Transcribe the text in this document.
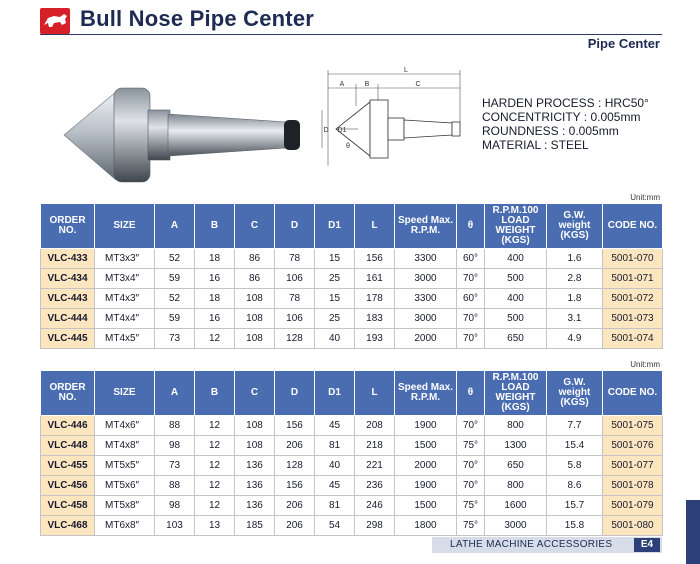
Bull Nose Pipe Center
Pipe Center
L
A	B	C
D D1
θ
HARDEN PROCESS : HRC50°
CONCENTRICITY : 0.005mm
ROUNDNESS : 0.005mm
MATERIAL : STEEL
Unit:mm
Unit:mm
ORDER NO.	SIZE	A	B	C	D	D1	L	Speed Max. R.P.M.	θ	R.P.M.100 LOAD WEIGHT (KGS)	G.W. weight (KGS)	CODE NO.
VLC-433	MT3x3″	52	18	86	78	15	156	3300	60°	400	1.6	5001-070
VLC-434	MT3x4″	59	16	86	106	25	161	3000	70°	500	2.8	5001-071
VLC-443	MT4x3″	52	18	108	78	15	178	3300	60°	400	1.8	5001-072
VLC-444	MT4x4″	59	16	108	106	25	183	3000	70°	500	3.1	5001-073
VLC-445	MT4x5″	73	12	108	128	40	193	2000	70°	650	4.9	5001-074
ORDER NO.	SIZE	A	B	C	D	D1	L	Speed Max. R.P.M.	θ	R.P.M.100 LOAD WEIGHT (KGS)	G.W. weight (KGS)	CODE NO.
VLC-446	MT4x6″	88	12	108	156	45	208	1900	70°	800	7.7	5001-075
VLC-448	MT4x8″	98	12	108	206	81	218	1500	75°	1300	15.4	5001-076
VLC-455	MT5x5″	73	12	136	128	40	221	2000	70°	650	5.8	5001-077
VLC-456	MT5x6″	88	12	136	156	45	236	1900	70°	800	8.6	5001-078
VLC-458	MT5x8″	98	12	136	206	81	246	1500	75°	1600	15.7	5001-079
VLC-468	MT6x8″	103	13	185	206	54	298	1800	75°	3000	15.8	5001-080
LATHE MACHINE ACCESSORIES	E4
